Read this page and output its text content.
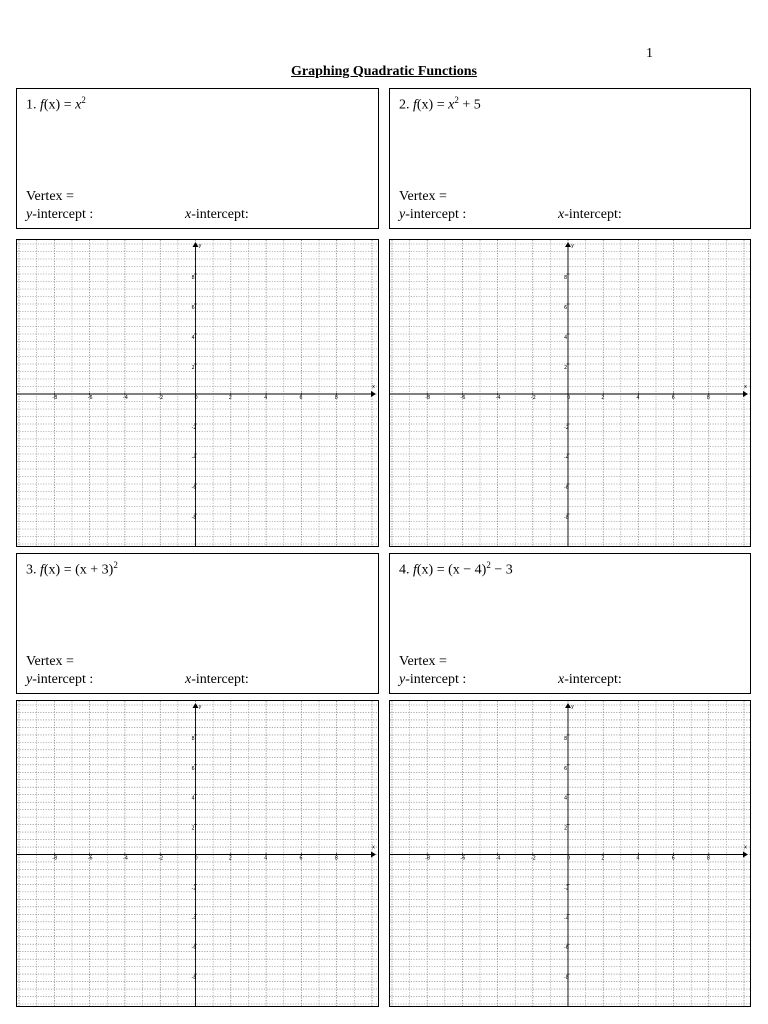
1
Graphing Quadratic Functions
1. $f(x) = x^2$
Vertex =
y-intercept :	x-intercept:
2. $f(x) = x^2 + 5$
Vertex =
y-intercept :	x-intercept:
3. $f(x) = (x + 3)^2$
Vertex =
y-intercept :	x-intercept:
4. $f(x) = (x - 4)^2 - 3$
Vertex =
y-intercept :	x-intercept:
x
y
-8	-6	-4	-2	0	2	4	6	8
8
6
4
2
-2
-4
-6
-8
x
y
-8	-6	-4	-2	0	2	4	6	8
8
6
4
2
-2
-4
-6
-8
x
y
-8	-6	-4	-2	0	2	4	6	8
8
6
4
2
-2
-4
-6
-8
x
y
-8	-6	-4	-2	0	2	4	6	8
8
6
4
2
-2
-4
-6
-8
